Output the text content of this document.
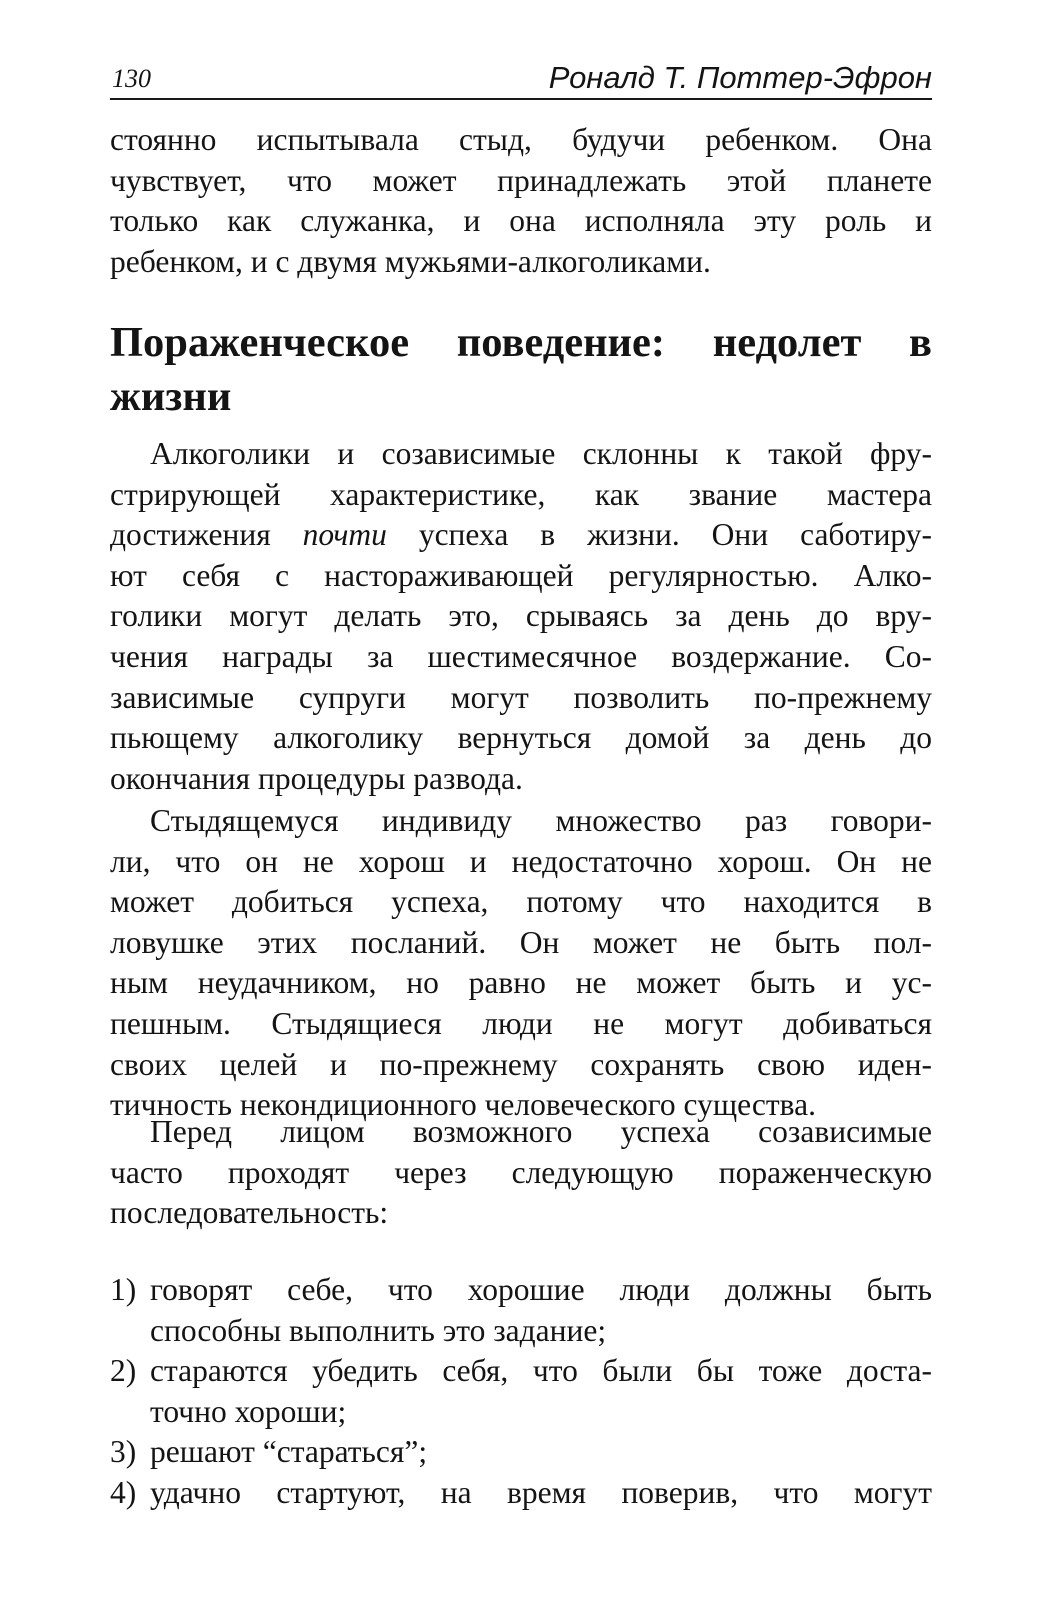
130	Роналд Т. Поттер-Эфрон
стоянно испытывала стыд, будучи ребенком. Она
чувствует, что может принадлежать этой планете
только как служанка, и она исполняла эту роль и
ребенком, и с двумя мужьями-алкоголиками.
Пораженческое поведение: недолет в
жизни
Алкоголики и созависимые склонны к такой фру-
стрирующей характеристике, как звание мастера
достижения почти успеха в жизни. Они саботиру-
ют себя с настораживающей регулярностью. Алко-
голики могут делать это, срываясь за день до вру-
чения награды за шестимесячное воздержание. Со-
зависимые супруги могут позволить по-прежнему
пьющему алкоголику вернуться домой за день до
окончания процедуры развода.
Стыдящемуся индивиду множество раз говори-
ли, что он не хорош и недостаточно хорош. Он не
может добиться успеха, потому что находится в
ловушке этих посланий. Он может не быть пол-
ным неудачником, но равно не может быть и ус-
пешным. Стыдящиеся люди не могут добиваться
своих целей и по-прежнему сохранять свою иден-
тичность некондиционного человеческого существа.
Перед лицом возможного успеха созависимые
часто проходят через следующую пораженческую
последовательность:
1) говорят себе, что хорошие люди должны быть
способны выполнить это задание;
2) стараются убедить себя, что были бы тоже доста-
точно хороши;
3) решают “стараться”;
4) удачно стартуют, на время поверив, что могут
